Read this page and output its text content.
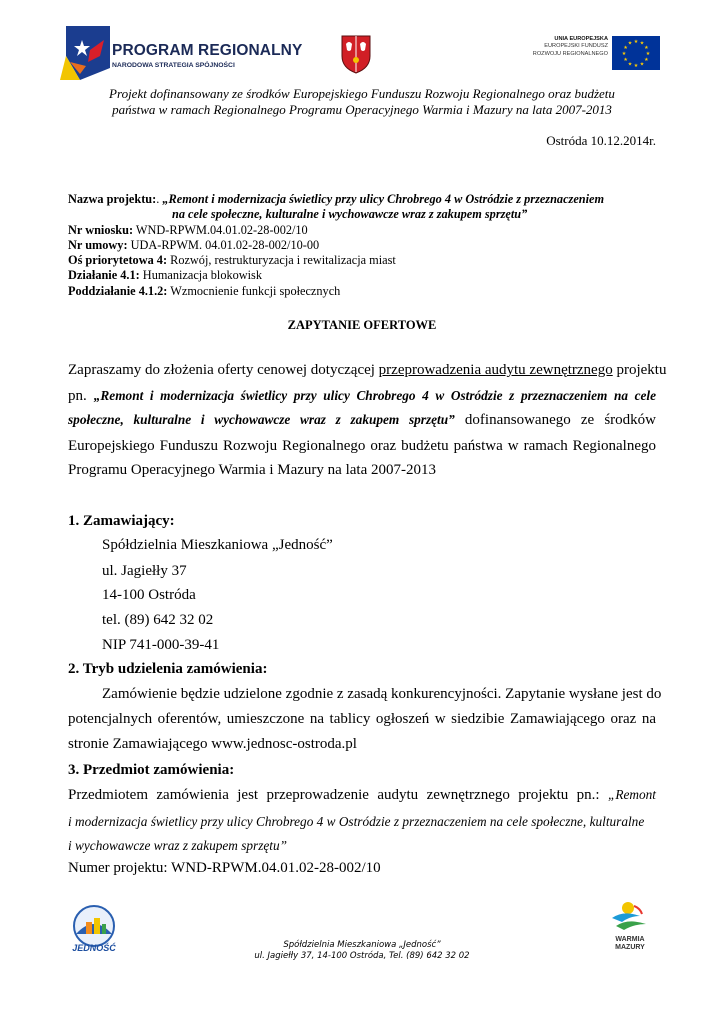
PROGRAM REGIONALNY
NARODOWA STRATEGIA SPÓJNOŚCI
UNIA EUROPEJSKA
EUROPEJSKI FUNDUSZ
ROZWOJU REGIONALNEGO
★ ★
★
★
★
★
★
★
★
★
★
★
Projekt dofinansowany ze środków Europejskiego Funduszu Rozwoju Regionalnego oraz budżetu
państwa w ramach Regionalnego Programu Operacyjnego Warmia i Mazury na lata 2007-2013
Ostróda 10.12.2014r.
Nazwa projektu:. „Remont i modernizacja świetlicy przy ulicy Chrobrego 4 w Ostródzie z przeznaczeniem
na cele społeczne, kulturalne i wychowawcze wraz z zakupem sprzętu”
Nr wniosku: WND-RPWM.04.01.02-28-002/10
Nr umowy: UDA-RPWM. 04.01.02-28-002/10-00
Oś priorytetowa 4: Rozwój, restrukturyzacja i rewitalizacja miast
Działanie 4.1: Humanizacja blokowisk
Poddziałanie 4.1.2: Wzmocnienie funkcji społecznych
ZAPYTANIE OFERTOWE
Zapraszamy do złożenia oferty cenowej dotyczącej przeprowadzenia audytu zewnętrznego projektu
pn. „Remont i modernizacja świetlicy przy ulicy Chrobrego 4 w Ostródzie z przeznaczeniem na cele
społeczne, kulturalne i wychowawcze wraz z zakupem sprzętu” dofinansowanego ze środków
Europejskiego Funduszu Rozwoju Regionalnego oraz budżetu państwa w ramach Regionalnego
Programu Operacyjnego Warmia i Mazury na lata 2007-2013
1. Zamawiający:
Spółdzielnia Mieszkaniowa „Jedność”
ul. Jagiełły 37
14-100 Ostróda
tel. (89) 642 32 02
NIP 741-000-39-41
2. Tryb udzielenia zamówienia:
Zamówienie będzie udzielone zgodnie z zasadą konkurencyjności. Zapytanie wysłane jest do
potencjalnych oferentów, umieszczone na tablicy ogłoszeń w siedzibie Zamawiającego oraz na
stronie Zamawiającego www.jednosc-ostroda.pl
3. Przedmiot zamówienia:
Przedmiotem zamówienia jest przeprowadzenie audytu zewnętrznego projektu pn.: „Remont
i modernizacja świetlicy przy ulicy Chrobrego 4 w Ostródzie z przeznaczeniem na cele społeczne, kulturalne
i wychowawcze wraz z zakupem sprzętu”
Numer projektu: WND-RPWM.04.01.02-28-002/10
JEDNOŚĆ	Spółdzielnia Mieszkaniowa „Jedność”
ul. Jagiełły 37, 14-100 Ostróda, Tel. (89) 642 32 02
WARMIA
MAZURY
